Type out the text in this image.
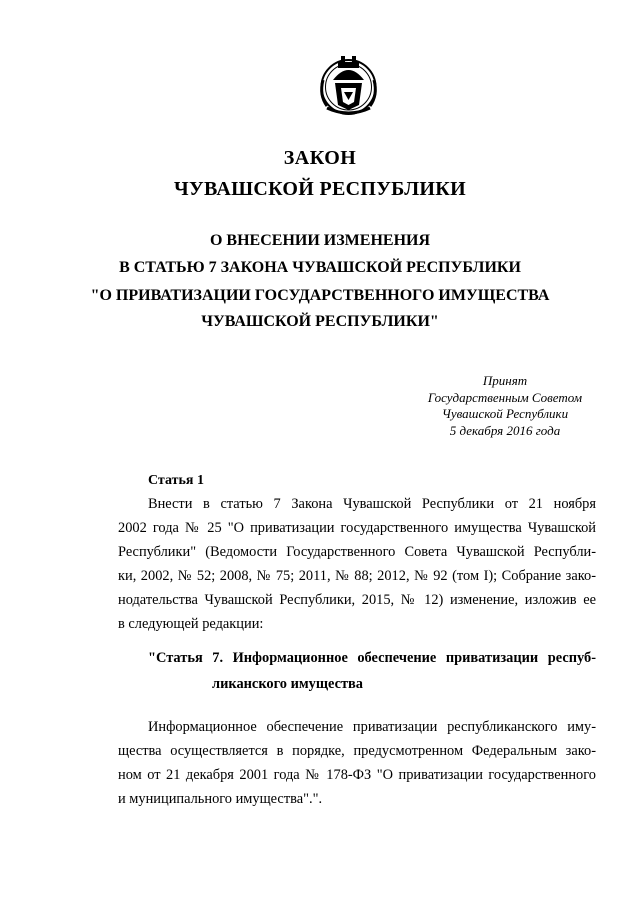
ЗАКОН
ЧУВАШСКОЙ РЕСПУБЛИКИ
О ВНЕСЕНИИ ИЗМЕНЕНИЯ
В СТАТЬЮ 7 ЗАКОНА ЧУВАШСКОЙ РЕСПУБЛИКИ
"О ПРИВАТИЗАЦИИ ГОСУДАРСТВЕННОГО ИМУЩЕСТВА
ЧУВАШСКОЙ РЕСПУБЛИКИ"
Принят
Государственным Советом
Чувашской Республики
5 декабря 2016 года
Статья 1
Внести в статью 7 Закона Чувашской Республики от 21 ноября
2002 года № 25 "О приватизации государственного имущества Чувашской
Республики" (Ведомости Государственного Совета Чувашской Республи-
ки, 2002, № 52; 2008, № 75; 2011, № 88; 2012, № 92 (том I); Собрание зако-
нодательства Чувашской Республики, 2015, № 12) изменение, изложив ее
в следующей редакции:
"Статья 7. Информационное обеспечение приватизации респуб-
ликанского имущества
Информационное обеспечение приватизации республиканского иму-
щества осуществляется в порядке, предусмотренном Федеральным зако-
ном от 21 декабря 2001 года № 178-ФЗ "О приватизации государственного
и муниципального имущества".".
